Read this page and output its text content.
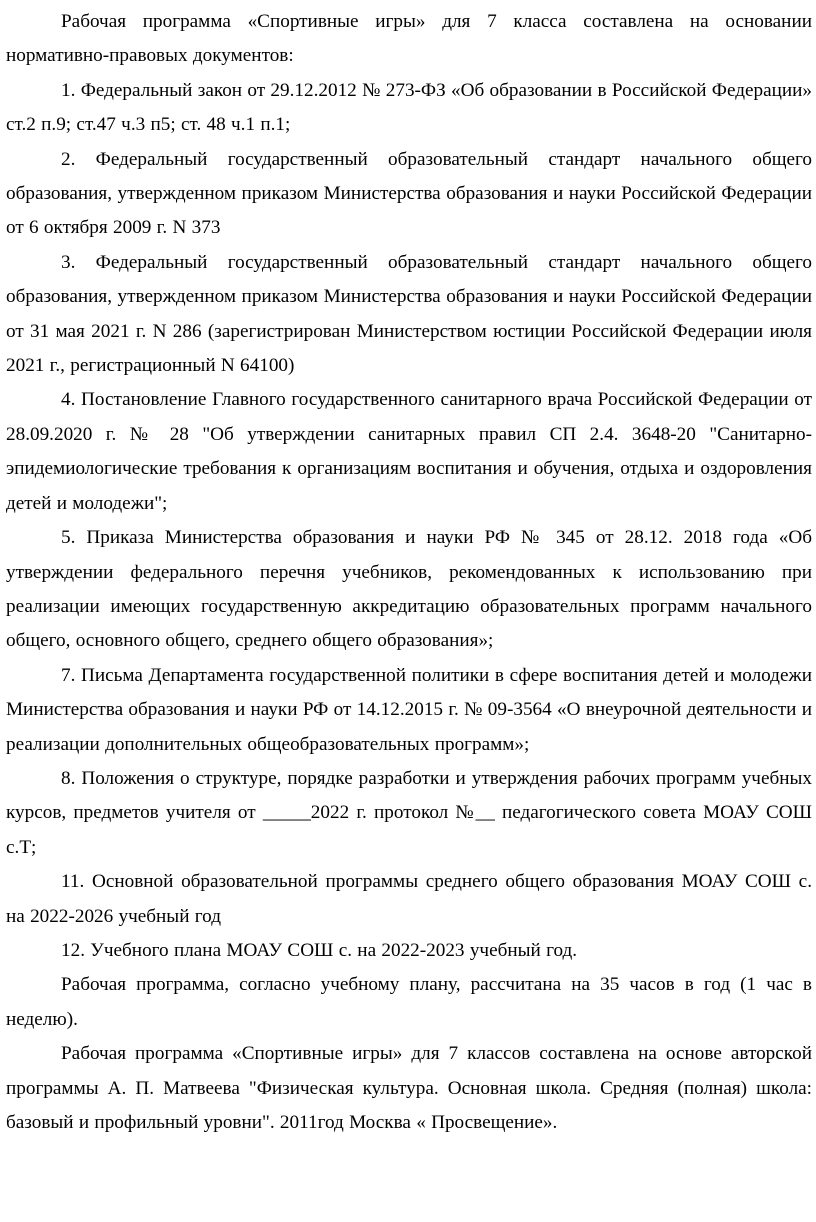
Рабочая программа «Спортивные игры» для 7 класса составлена на основании нормативно-правовых документов:

1. Федеральный закон от 29.12.2012 № 273-ФЗ «Об образовании в Российской Федерации» ст.2 п.9; ст.47 ч.3 п5; ст. 48 ч.1 п.1;

2. Федеральный государственный образовательный стандарт начального общего образования, утвержденном приказом Министерства образования и науки Российской Федерации от 6 октября 2009 г. N 373

3. Федеральный государственный образовательный стандарт начального общего образования, утвержденном приказом Министерства образования и науки Российской Федерации от 31 мая 2021 г. N 286 (зарегистрирован Министерством юстиции Российской Федерации июля 2021 г., регистрационный N 64100)

4. Постановление Главного государственного санитарного врача Российской Федерации от 28.09.2020 г. № 28 "Об утверждении санитарных правил СП 2.4. 3648-20 "Санитарно-эпидемиологические требования к организациям воспитания и обучения, отдыха и оздоровления детей и молодежи";

5. Приказа Министерства образования и науки РФ № 345 от 28.12. 2018 года «Об утверждении федерального перечня учебников, рекомендованных к использованию при реализации имеющих государственную аккредитацию образовательных программ начального общего, основного общего, среднего общего образования»;

7. Письма Департамента государственной политики в сфере воспитания детей и молодежи Министерства образования и науки РФ от 14.12.2015 г. № 09-3564 «О внеурочной деятельности и реализации дополнительных общеобразовательных программ»;

8. Положения о структуре, порядке разработки и утверждения рабочих программ учебных курсов, предметов учителя от _____2022 г. протокол №__ педагогического совета МОАУ СОШ с.Т;

11. Основной образовательной программы среднего общего образования МОАУ СОШ с. на 2022-2026 учебный год

12. Учебного плана МОАУ СОШ с. на 2022-2023 учебный год.

Рабочая программа, согласно учебному плану, рассчитана на 35 часов в год (1 час в неделю).

Рабочая программа «Спортивные игры» для 7 классов составлена на основе авторской программы А. П. Матвеева "Физическая культура. Основная школа. Средняя (полная) школа: базовый и профильный уровни". 2011год Москва « Просвещение».
